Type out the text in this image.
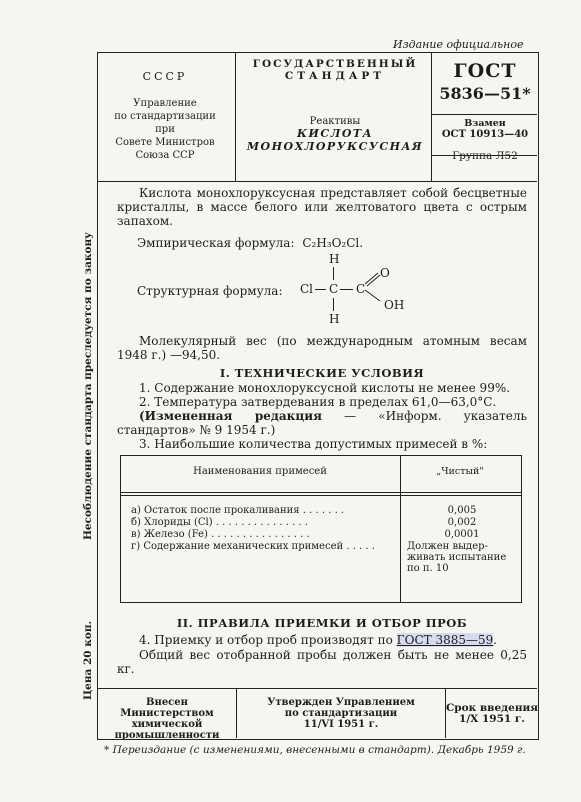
Издание официальное
Несоблюдение стандарта преследуется по закону
Цена 20 коп.
СССР
Управление
по стандартизации
при
Совете Министров
Союза ССР
ГОСУДАРСТВЕННЫЙ
СТАНДАРТ
Реактивы
КИСЛОТА
МОНОХЛОРУКСУСНАЯ
ГОСТ
5836—51*
Взамен
ОСТ 10913—40
Группа Л52
Кислота монохлоруксусная представляет собой бесцветные кристаллы, в массе белого или желтоватого цвета с острым запахом.
Эмпирическая формула: C₂H₃O₂Cl.
Структурная формула:
H
Cl C C
H
O
OH
Молекулярный вес (по международным атомным весам 1948 г.) —94,50.
I. ТЕХНИЧЕСКИЕ УСЛОВИЯ
1. Содержание монохлоруксусной кислоты не менее 99%.
2. Температура затвердевания в пределах 61,0—63,0°С.
(Измененная редакция — «Информ. указатель стандартов» № 9 1954 г.)
3. Наибольшие количества допустимых примесей в %:
Наименования примесей	„Чистый"
а) Остаток после прокаливания . . . . . . .	0,005
б) Хлориды (Cl) . . . . . . . . . . . . . . .	0,002
в) Железо (Fe) . . . . . . . . . . . . . . . .	0,0001
г) Содержание механических примесей . . . . .	Должен выдер-живать испытание по п. 10
II. ПРАВИЛА ПРИЕМКИ И ОТБОР ПРОБ
4. Приемку и отбор проб производят по ГОСТ 3885—59.
Общий вес отобранной пробы должен быть не менее 0,25 кг.
Внесен Министерством
химической
промышленности
Утвержден Управлением
по стандартизации
11/VI 1951 г.
Срок введения
1/X 1951 г.
* Переиздание (с изменениями, внесенными в стандарт). Декабрь 1959 г.
